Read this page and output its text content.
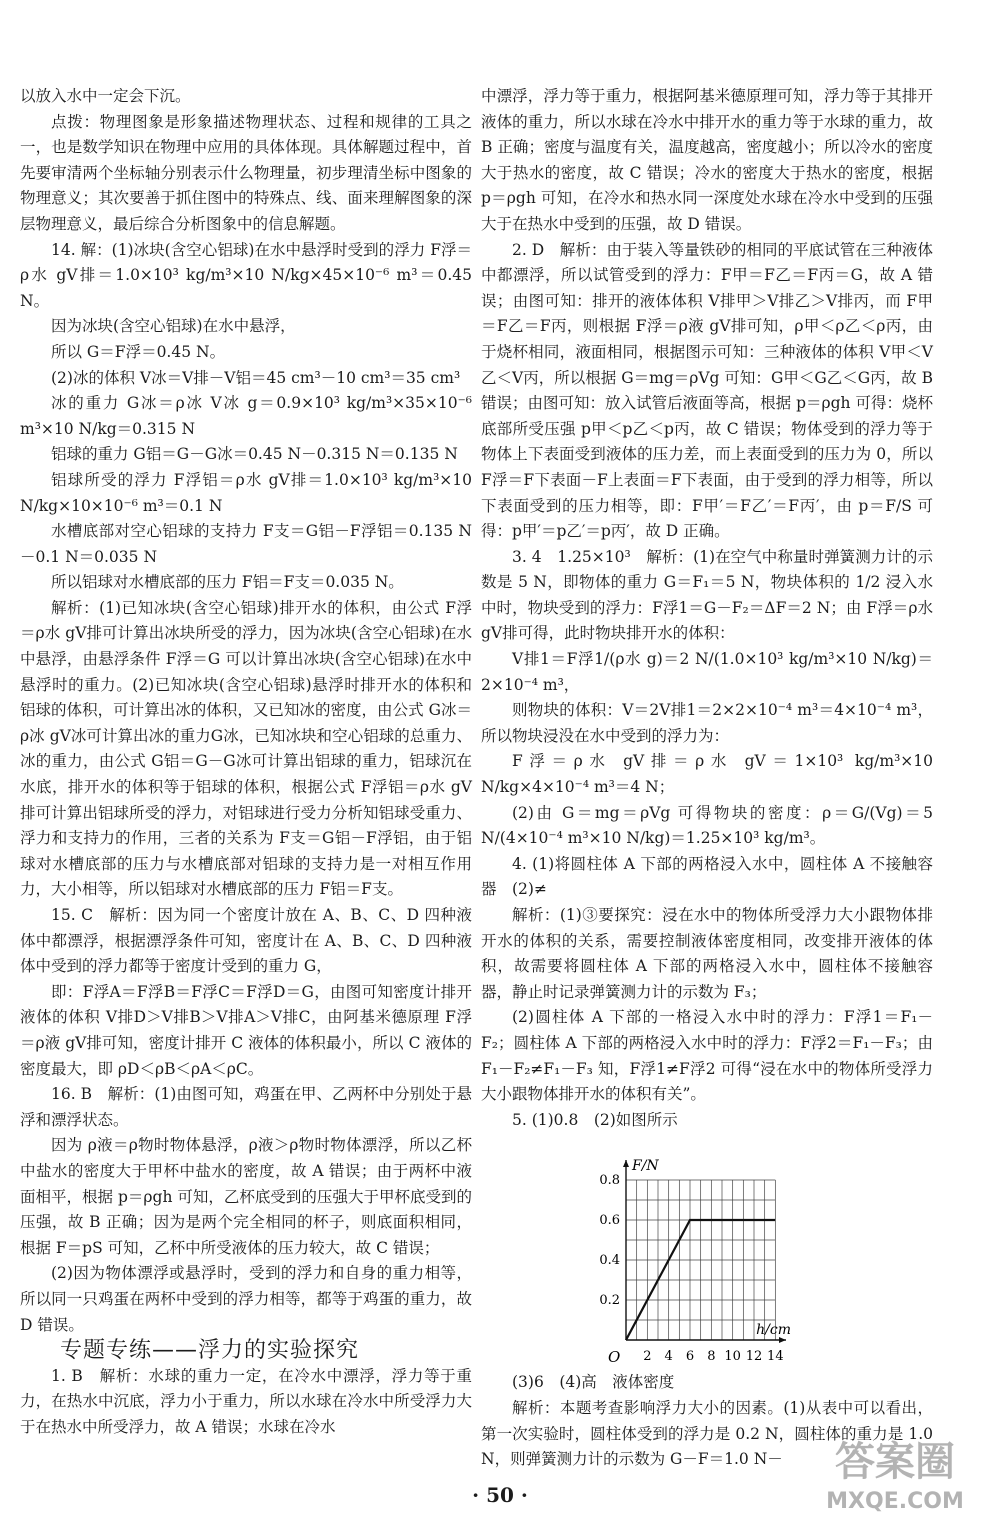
以放入水中一定会下沉。

点拨：物理图象是形象描述物理状态、过程和规律的工具之一，也是数学知识在物理中应用的具体体现。具体解题过程中，首先要审清两个坐标轴分别表示什么物理量，初步理清坐标中图象的物理意义；其次要善于抓住图中的特殊点、线、面来理解图象的深层物理意义，最后综合分析图象中的信息解题。

14. 解：(1)冰块(含空心铝球)在水中悬浮时受到的浮力 F浮＝ρ水 gV排＝1.0×10³ kg/m³×10 N/kg×45×10⁻⁶ m³＝0.45 N。

因为冰块(含空心铝球)在水中悬浮，

所以 G＝F浮＝0.45 N。

(2)冰的体积 V冰＝V排－V铝＝45 cm³－10 cm³＝35 cm³

冰的重力 G冰＝ρ冰 V冰 g＝0.9×10³ kg/m³×35×10⁻⁶ m³×10 N/kg＝0.315 N

铝球的重力 G铝＝G－G冰＝0.45 N－0.315 N＝0.135 N

铝球所受的浮力 F浮铝＝ρ水 gV排＝1.0×10³ kg/m³×10 N/kg×10×10⁻⁶ m³＝0.1 N

水槽底部对空心铝球的支持力 F支＝G铝－F浮铝＝0.135 N－0.1 N＝0.035 N

所以铝球对水槽底部的压力 F铝＝F支＝0.035 N。

解析：(1)已知冰块(含空心铝球)排开水的体积，由公式 F浮＝ρ水 gV排可计算出冰块所受的浮力，因为冰块(含空心铝球)在水中悬浮，由悬浮条件 F浮＝G 可以计算出冰块(含空心铝球)在水中悬浮时的重力。(2)已知冰块(含空心铝球)悬浮时排开水的体积和铝球的体积，可计算出冰的体积，又已知冰的密度，由公式 G冰＝ρ冰 gV冰可计算出冰的重力G冰，已知冰块和空心铝球的总重力、冰的重力，由公式 G铝＝G－G冰可计算出铝球的重力，铝球沉在水底，排开水的体积等于铝球的体积，根据公式 F浮铝＝ρ水 gV排可计算出铝球所受的浮力，对铝球进行受力分析知铝球受重力、浮力和支持力的作用，三者的关系为 F支＝G铝－F浮铝，由于铝球对水槽底部的压力与水槽底部对铝球的支持力是一对相互作用力，大小相等，所以铝球对水槽底部的压力 F铝＝F支。

15. C　解析：因为同一个密度计放在 A、B、C、D 四种液体中都漂浮，根据漂浮条件可知，密度计在 A、B、C、D 四种液体中受到的浮力都等于密度计受到的重力 G，

即：F浮A＝F浮B＝F浮C＝F浮D＝G，由图可知密度计排开液体的体积 V排D＞V排B＞V排A＞V排C，由阿基米德原理 F浮＝ρ液 gV排可知，密度计排开 C 液体的体积最小，所以 C 液体的密度最大，即 ρD＜ρB＜ρA＜ρC。

16. B　解析：(1)由图可知，鸡蛋在甲、乙两杯中分别处于悬浮和漂浮状态。

因为 ρ液＝ρ物时物体悬浮，ρ液＞ρ物时物体漂浮，所以乙杯中盐水的密度大于甲杯中盐水的密度，故 A 错误；由于两杯中液面相平，根据 p＝ρgh 可知，乙杯底受到的压强大于甲杯底受到的压强，故 B 正确；因为是两个完全相同的杯子，则底面积相同，根据 F＝pS 可知，乙杯中所受液体的压力较大，故 C 错误；

(2)因为物体漂浮或悬浮时，受到的浮力和自身的重力相等，所以同一只鸡蛋在两杯中受到的浮力相等，都等于鸡蛋的重力，故 D 错误。

专题专练——浮力的实验探究

1. B　解析：水球的重力一定，在冷水中漂浮，浮力等于重力，在热水中沉底，浮力小于重力，所以水球在冷水中所受浮力大于在热水中所受浮力，故 A 错误；水球在冷水

中漂浮，浮力等于重力，根据阿基米德原理可知，浮力等于其排开液体的重力，所以水球在冷水中排开水的重力等于水球的重力，故 B 正确；密度与温度有关，温度越高，密度越小；所以冷水的密度大于热水的密度，故 C 错误；冷水的密度大于热水的密度，根据 p＝ρgh 可知，在冷水和热水同一深度处水球在冷水中受到的压强大于在热水中受到的压强，故 D 错误。

2. D　解析：由于装入等量铁砂的相同的平底试管在三种液体中都漂浮，所以试管受到的浮力：F甲＝F乙＝F丙＝G，故 A 错误；由图可知：排开的液体体积 V排甲＞V排乙＞V排丙，而 F甲＝F乙＝F丙，则根据 F浮＝ρ液 gV排可知，ρ甲＜ρ乙＜ρ丙，由于烧杯相同，液面相同，根据图示可知：三种液体的体积 V甲＜V乙＜V丙，所以根据 G＝mg＝ρVg 可知：G甲＜G乙＜G丙，故 B 错误；由图可知：放入试管后液面等高，根据 p＝ρgh 可得：烧杯底部所受压强 p甲＜p乙＜p丙，故 C 错误；物体受到的浮力等于物体上下表面受到液体的压力差，而上表面受到的压力为 0，所以 F浮＝F下表面－F上表面＝F下表面，由于受到的浮力相等，所以下表面受到的压力相等，即：F甲′＝F乙′＝F丙′，由 p＝F/S 可得：p甲′＝p乙′＝p丙′，故 D 正确。

3. 4　1.25×10³　解析：(1)在空气中称量时弹簧测力计的示数是 5 N，即物体的重力 G＝F₁＝5 N，物块体积的 1/2 浸入水中时，物块受到的浮力：F浮1＝G－F₂＝ΔF＝2 N；由 F浮＝ρ水 gV排可得，此时物块排开水的体积：

V排1＝F浮1/(ρ水 g)＝2 N/(1.0×10³ kg/m³×10 N/kg)＝2×10⁻⁴ m³，

则物块的体积：V＝2V排1＝2×2×10⁻⁴ m³＝4×10⁻⁴ m³，所以物块浸没在水中受到的浮力为：

F浮＝ρ水 gV排＝ρ水 gV＝1×10³ kg/m³×10 N/kg×4×10⁻⁴ m³＝4 N；

(2)由 G＝mg＝ρVg 可得物块的密度：ρ＝G/(Vg)＝5 N/(4×10⁻⁴ m³×10 N/kg)＝1.25×10³ kg/m³。

4. (1)将圆柱体 A 下部的两格浸入水中，圆柱体 A 不接触容器　(2)≠

解析：(1)③要探究：浸在水中的物体所受浮力大小跟物体排开水的体积的关系，需要控制液体密度相同，改变排开液体的体积，故需要将圆柱体 A 下部的两格浸入水中，圆柱体不接触容器，静止时记录弹簧测力计的示数为 F₃；

(2)圆柱体 A 下部的一格浸入水中时的浮力：F浮1＝F₁－F₂；圆柱体 A 下部的两格浸入水中时的浮力：F浮2＝F₁－F₃；由 F₁－F₂≠F₁－F₃ 知，F浮1≠F浮2 可得“浸在水中的物体所受浮力大小跟物体排开水的体积有关”。

5. (1)0.8　(2)如图所示

2 4 6 8 10 12 14
0.2
0.4
0.6
0.8
O
F/N
h/cm

(3)6　(4)高　液体密度

解析：本题考查影响浮力大小的因素。(1)从表中可以看出，第一次实验时，圆柱体受到的浮力是 0.2 N，圆柱体的重力是 1.0 N，则弹簧测力计的示数为 G－F＝1.0 N－

· 50 ·
答案圈
MXQE.COM
